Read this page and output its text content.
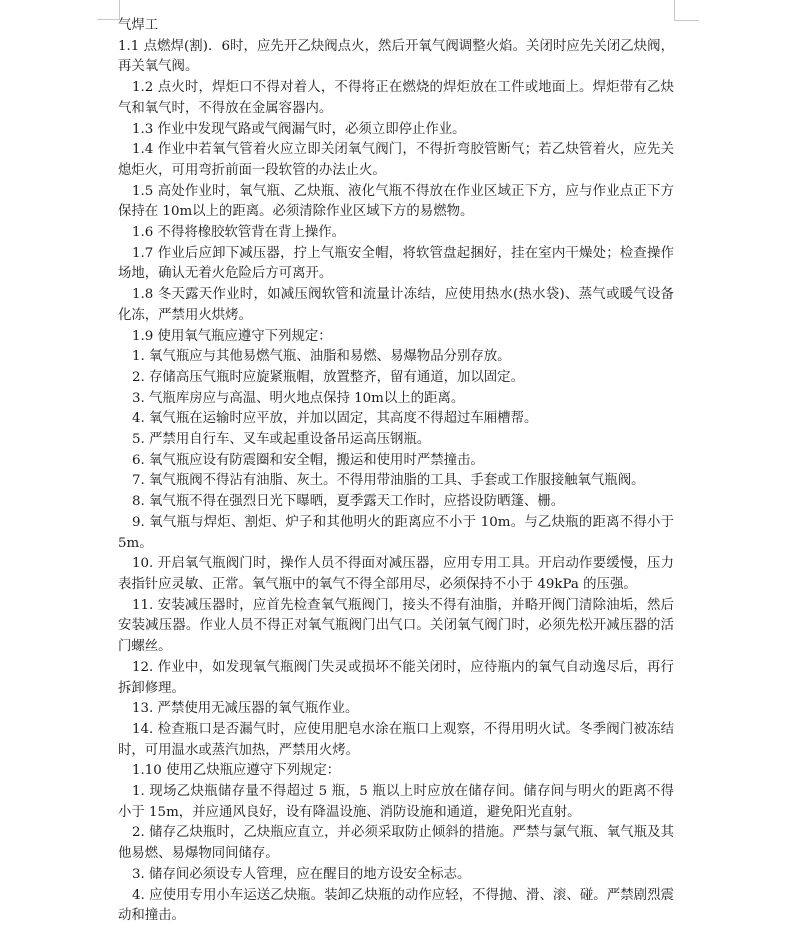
气焊工

1.1 点燃焊(割)．6时，应先开乙炔阀点火，然后开氧气阀调整火焰。关闭时应先关闭乙炔阀，再关氧气阀。

1.2 点火时，焊炬口不得对着人，不得将正在燃烧的焊炬放在工件或地面上。焊炬带有乙炔气和氧气时，不得放在金属容器内。

1.3 作业中发现气路或气阀漏气时，必须立即停止作业。

1.4 作业中若氧气管着火应立即关闭氧气阀门，不得折弯胶管断气；若乙炔管着火，应先关熄炬火，可用弯折前面一段软管的办法止火。

1.5 高处作业时，氧气瓶、乙炔瓶、液化气瓶不得放在作业区域正下方，应与作业点正下方保持在 10m以上的距离。必须清除作业区域下方的易燃物。

1.6 不得将橡胶软管背在背上操作。

1.7 作业后应卸下减压器，拧上气瓶安全帽，将软管盘起捆好，挂在室内干燥处；检查操作场地，确认无着火危险后方可离开。

1.8 冬天露天作业时，如减压阀软管和流量计冻结，应使用热水(热水袋)、蒸气或暖气设备化冻，严禁用火烘烤。

1.9 使用氧气瓶应遵守下列规定：

1. 氧气瓶应与其他易燃气瓶、油脂和易燃、易爆物品分别存放。

2. 存储高压气瓶时应旋紧瓶帽，放置整齐，留有通道，加以固定。

3. 气瓶库房应与高温、明火地点保持 10m以上的距离。

4. 氧气瓶在运输时应平放，并加以固定，其高度不得超过车厢槽帮。

5. 严禁用自行车、叉车或起重设备吊运高压钢瓶。

6. 氧气瓶应设有防震圈和安全帽，搬运和使用时严禁撞击。

7. 氧气瓶阀不得沾有油脂、灰土。不得用带油脂的工具、手套或工作服接触氧气瓶阀。

8. 氧气瓶不得在强烈日光下曝晒，夏季露天工作时，应搭设防晒篷、栅。

9. 氧气瓶与焊炬、割炬、炉子和其他明火的距离应不小于 10m。与乙炔瓶的距离不得小于 5m。

10. 开启氧气瓶阀门时，操作人员不得面对减压器，应用专用工具。开启动作要缓慢，压力表指针应灵敏、正常。氧气瓶中的氧气不得全部用尽，必须保持不小于 49kPa 的压强。

11. 安装减压器时，应首先检查氧气瓶阀门，接头不得有油脂，并略开阀门清除油垢，然后安装减压器。作业人员不得正对氧气瓶阀门出气口。关闭氧气阀门时，必须先松开减压器的活门螺丝。

12. 作业中，如发现氧气瓶阀门失灵或损坏不能关闭时，应待瓶内的氧气自动逸尽后，再行拆卸修理。

13. 严禁使用无减压器的氧气瓶作业。

14. 检查瓶口是否漏气时，应使用肥皂水涂在瓶口上观察，不得用明火试。冬季阀门被冻结时，可用温水或蒸汽加热，严禁用火烤。

1.10 使用乙炔瓶应遵守下列规定：

1. 现场乙炔瓶储存量不得超过 5 瓶，5 瓶以上时应放在储存间。储存间与明火的距离不得小于 15m，并应通风良好，设有降温设施、消防设施和通道，避免阳光直射。

2. 储存乙炔瓶时，乙炔瓶应直立，并必须采取防止倾斜的措施。严禁与氯气瓶、氧气瓶及其他易燃、易爆物同间储存。

3. 储存间必须设专人管理，应在醒目的地方设安全标志。

4. 应使用专用小车运送乙炔瓶。装卸乙炔瓶的动作应轻，不得抛、滑、滚、碰。严禁剧烈震动和撞击。
